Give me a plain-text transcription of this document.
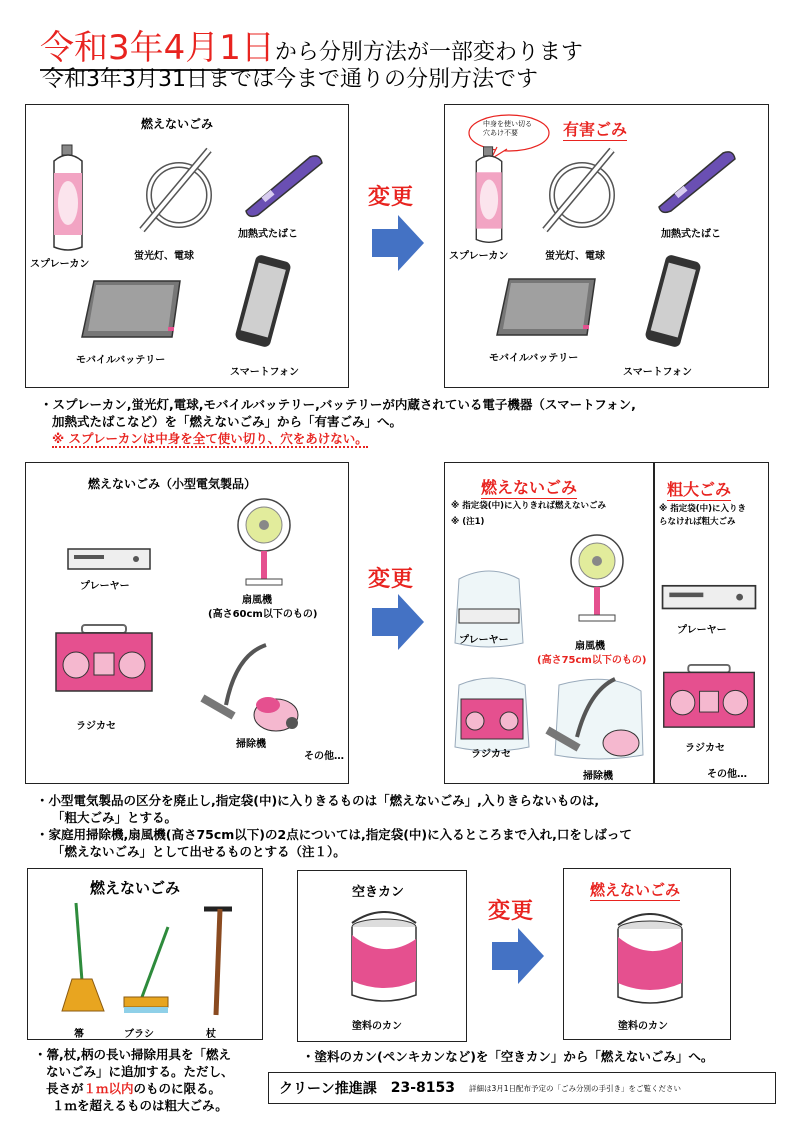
令和3年4月1日から分別方法が一部変わります
令和3年3月31日までは今まで通りの分別方法です
燃えないごみ
スプレーカン
蛍光灯、電球
加熱式たばこ
モバイルバッテリー
スマートフォン
変更
有害ごみ
中身を使い切る
穴あけ不要
スプレーカン	蛍光灯、電球
加熱式たばこ
モバイルバッテリー
スマートフォン
・スプレーカン,蛍光灯,電球,モバイルバッテリー,バッテリーが内蔵されている電子機器（スマートフォン,
加熱式たばこなど）を「燃えないごみ」から「有害ごみ」へ。
※ スプレーカンは中身を全て使い切り、穴をあけない。
燃えないごみ（小型電気製品）
プレーヤー
扇風機
(高さ60cm以下のもの)
ラジカセ
掃除機
その他…
変更
燃えないごみ
※ 指定袋(中)に入りきれば燃えないごみ
※ (注1)
プレーヤー
扇風機
(高さ75cm以下のもの)
ラジカセ
掃除機
粗大ごみ
※ 指定袋(中)に入りき
らなければ粗大ごみ
プレーヤー
ラジカセ
その他…
・小型電気製品の区分を廃止し,指定袋(中)に入りきるものは「燃えないごみ」,入りきらないものは,
「粗大ごみ」とする。
・家庭用掃除機,扇風機(高さ75cm以下)の2点については,指定袋(中)に入るところまで入れ,口をしばって
「燃えないごみ」として出せるものとする（注１）。
燃えないごみ
箒	ブラシ	杖
・箒,杖,柄の長い掃除用具を「燃え
ないごみ」に追加する。ただし、
長さが１ｍ以内のものに限る。
１ｍを超えるものは粗大ごみ。
空きカン
塗料のカン
変更
燃えないごみ
塗料のカン
・塗料のカン(ペンキカンなど)を「空きカン」から「燃えないごみ」へ。
クリーン推進課 23-8153 詳細は3月1日配布予定の「ごみ分別の手引き」をご覧ください
